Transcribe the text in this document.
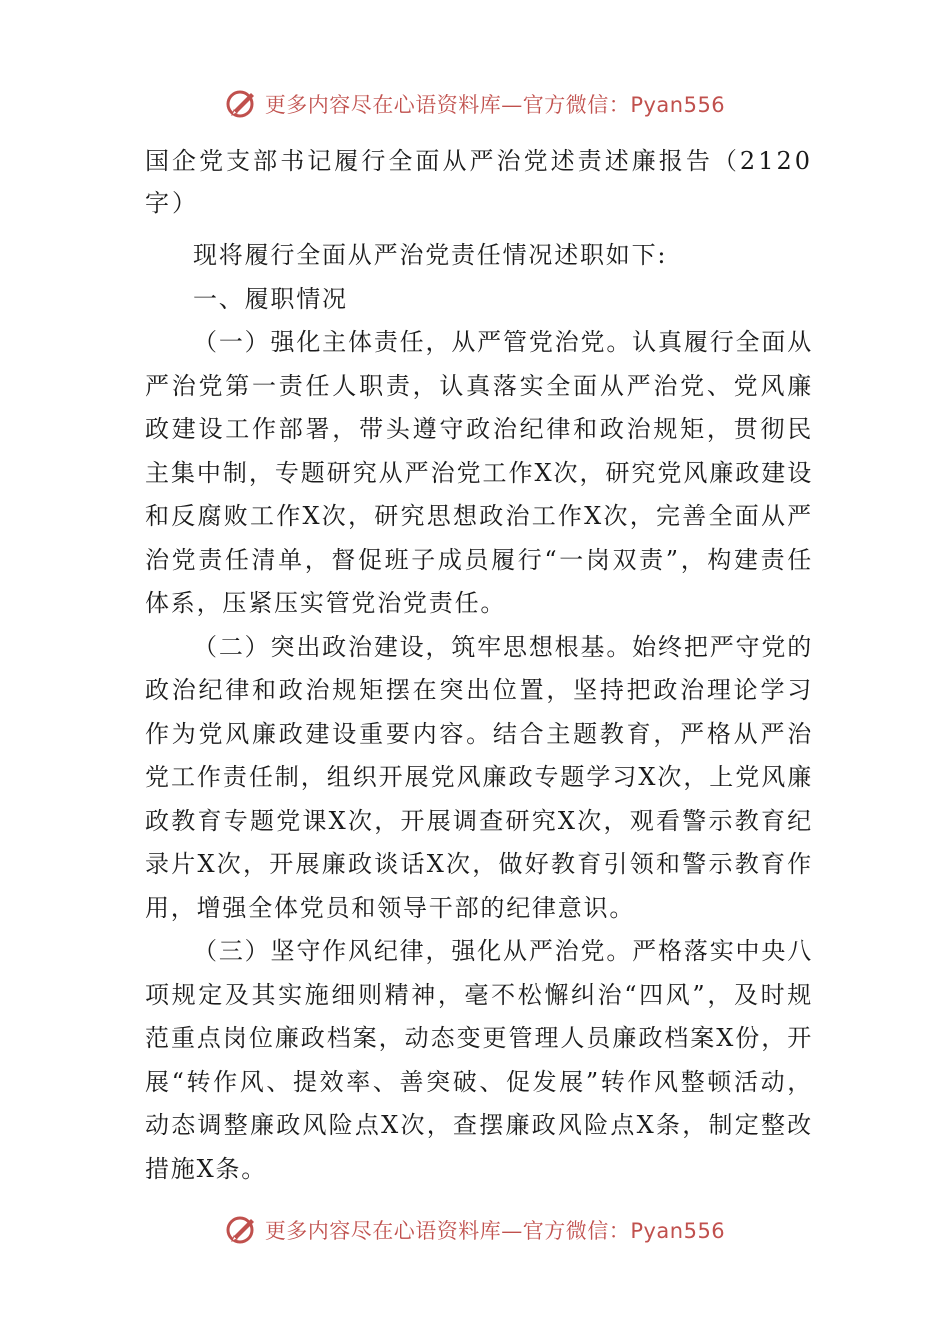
更多内容尽在心语资料库—官方微信：Pyan556
国企党支部书记履行全面从严治党述责述廉报告（2120字）

现将履行全面从严治党责任情况述职如下:

一、履职情况

（一）强化主体责任，从严管党治党。认真履行全面从严治党第一责任人职责，认真落实全面从严治党、党风廉政建设工作部署，带头遵守政治纪律和政治规矩，贯彻民主集中制，专题研究从严治党工作X次，研究党风廉政建设和反腐败工作X次，研究思想政治工作X次，完善全面从严治党责任清单，督促班子成员履行“一岗双责”，构建责任体系，压紧压实管党治党责任。

（二）突出政治建设，筑牢思想根基。始终把严守党的政治纪律和政治规矩摆在突出位置，坚持把政治理论学习作为党风廉政建设重要内容。结合主题教育，严格从严治党工作责任制，组织开展党风廉政专题学习X次，上党风廉政教育专题党课X次，开展调查研究X次，观看警示教育纪录片X次，开展廉政谈话X次，做好教育引领和警示教育作用，增强全体党员和领导干部的纪律意识。

（三）坚守作风纪律，强化从严治党。严格落实中央八项规定及其实施细则精神，毫不松懈纠治“四风”，及时规范重点岗位廉政档案，动态变更管理人员廉政档案X份，开展“转作风、提效率、善突破、促发展”转作风整顿活动，动态调整廉政风险点X次，查摆廉政风险点X条，制定整改措施X条。

更多内容尽在心语资料库—官方微信：Pyan556
